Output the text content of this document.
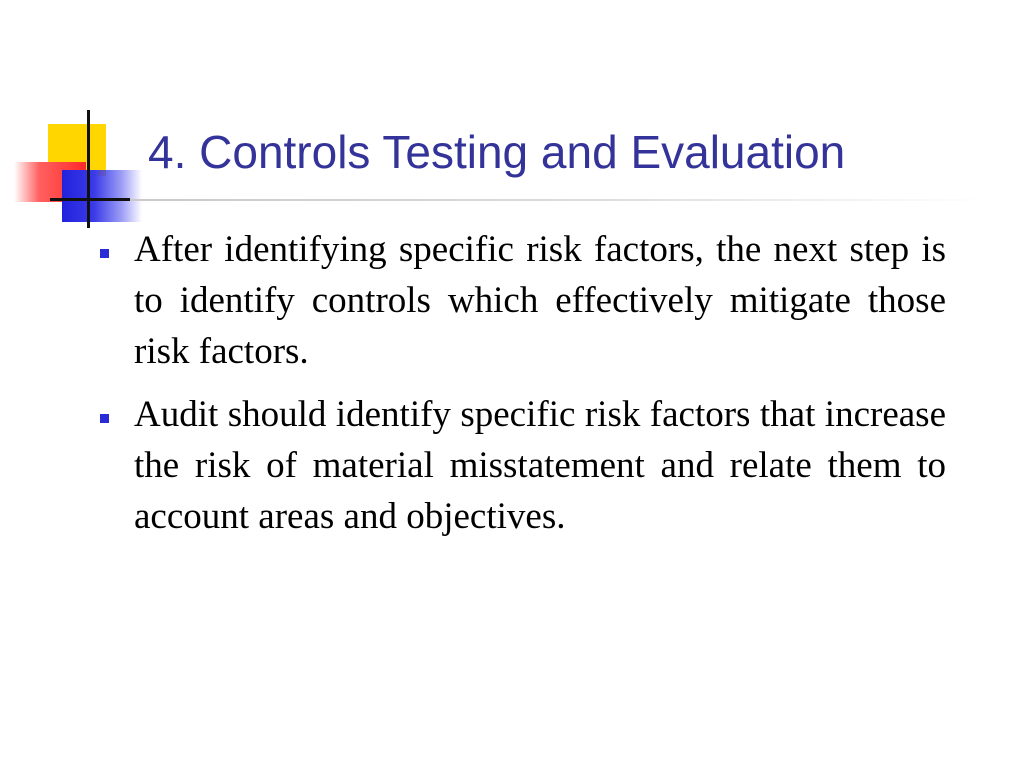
4. Controls Testing and Evaluation
After identifying specific risk factors, the next step is to identify controls which effectively mitigate those risk factors.
Audit should identify specific risk factors that increase the risk of material misstatement and relate them to account areas and objectives.
